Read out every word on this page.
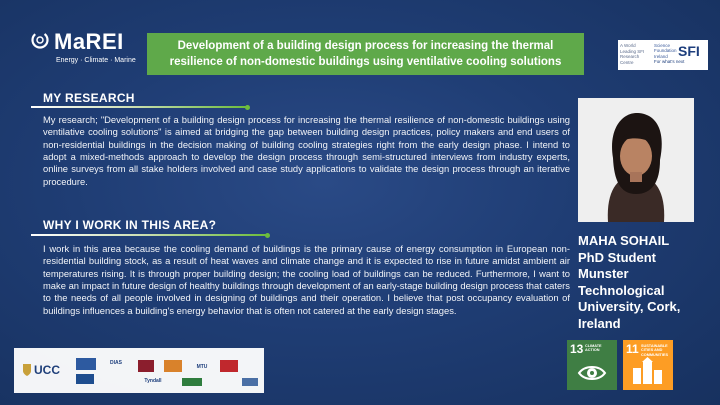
MaREI
Energy · Climate · Marine
Development of a building design process for increasing the thermal
resilience of non-domestic buildings using ventilative cooling solutions
A World Leading SFI Research Centre
Science Foundation Ireland SFI
For what's next
MY RESEARCH
My research; "Development of a building design process for increasing the thermal resilience of non-domestic buildings using ventilative cooling solutions" is aimed at bridging the gap between building design practices, policy makers and end users of non-residential buildings in the decision making of building cooling strategies right from the early design phase. I intend to adopt a mixed-methods approach to develop the design process through semi-structured interviews from industry experts, online surveys from all stake holders involved and case study applications to validate the design process through an iterative procedure.
WHY I WORK IN THIS AREA?
I work in this area because the cooling demand of buildings is the primary cause of energy consumption in European non-residential building stock, as a result of heat waves and climate change and it is expected to rise in future amidst ambient air temperatures rising. It is through proper building design; the cooling load of buildings can be reduced. Furthermore, I want to make an impact in future design of healthy buildings through development of an early-stage building design process that caters to the needs of all people involved in designing of buildings and their operation. I believe that post occupancy evaluation of buildings influences a building's energy behavior that is often not catered at the early design stages.
MAHA SOHAIL
PhD Student
Munster
Technological
University, Cork,
Ireland
UCC	DIAS
MTU
Tyndall
13 CLIMATE ACTION	11 SUSTAINABLE CITIES AND COMMUNITIES
